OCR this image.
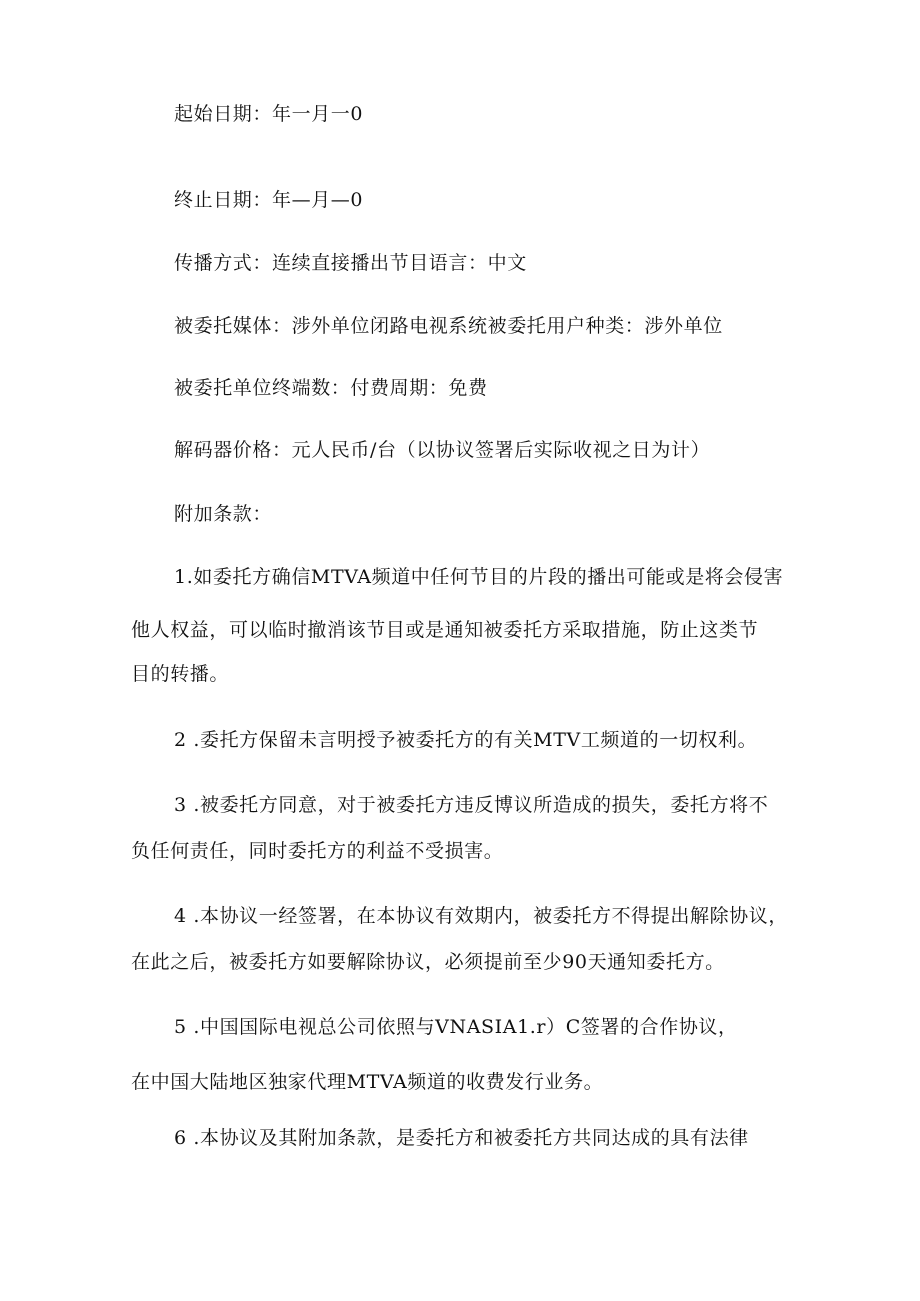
起始日期：年一月一0
终止日期：年—月—0
传播方式：连续直接播出节目语言：中文
被委托媒体：涉外单位闭路电视系统被委托用户种类：涉外单位
被委托单位终端数：付费周期：免费
解码器价格：元人民币/台（以协议签署后实际收视之日为计）
附加条款：
1.如委托方确信MTVA频道中任何节目的片段的播出可能或是将会侵害
他人权益，可以临时撤消该节目或是通知被委托方采取措施，防止这类节
目的转播。
2 .委托方保留未言明授予被委托方的有关MTV工频道的一切权利。
3 .被委托方同意，对于被委托方违反博议所造成的损失，委托方将不
负任何责任，同时委托方的利益不受损害。
4 .本协议一经签署，在本协议有效期内，被委托方不得提出解除协议，
在此之后，被委托方如要解除协议，必须提前至少90天通知委托方。
5 .中国国际电视总公司依照与VNASIA1.r）C签署的合作协议，
在中国大陆地区独家代理MTVA频道的收费发行业务。
6 .本协议及其附加条款，是委托方和被委托方共同达成的具有法律
